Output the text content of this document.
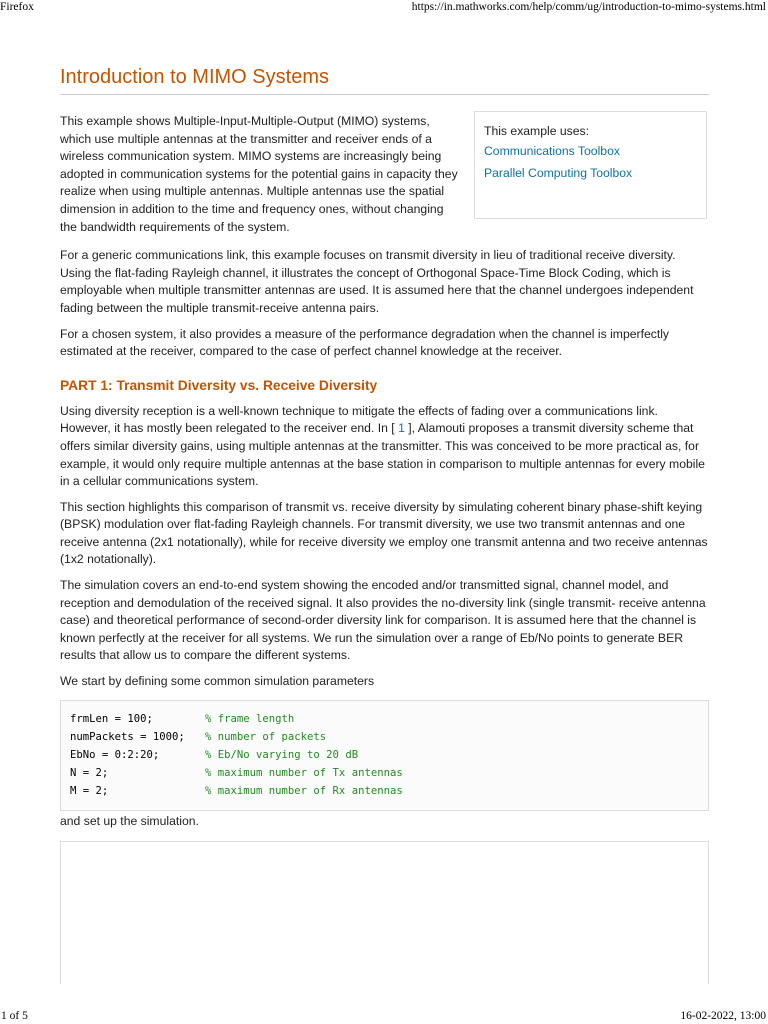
Firefox	https://in.mathworks.com/help/comm/ug/introduction-to-mimo-systems.html
Introduction to MIMO Systems

This example shows Multiple-Input-Multiple-Output (MIMO) systems, which use multiple antennas at the transmitter and receiver ends of a wireless communication system. MIMO systems are increasingly being adopted in communication systems for the potential gains in capacity they realize when using multiple antennas. Multiple antennas use the spatial dimension in addition to the time and frequency ones, without changing the bandwidth requirements of the system.

This example uses:
Communications Toolbox
Parallel Computing Toolbox

For a generic communications link, this example focuses on transmit diversity in lieu of traditional receive diversity. Using the flat-fading Rayleigh channel, it illustrates the concept of Orthogonal Space-Time Block Coding, which is employable when multiple transmitter antennas are used. It is assumed here that the channel undergoes independent fading between the multiple transmit-receive antenna pairs.

For a chosen system, it also provides a measure of the performance degradation when the channel is imperfectly estimated at the receiver, compared to the case of perfect channel knowledge at the receiver.

PART 1: Transmit Diversity vs. Receive Diversity

Using diversity reception is a well-known technique to mitigate the effects of fading over a communications link. However, it has mostly been relegated to the receiver end. In [ 1 ], Alamouti proposes a transmit diversity scheme that offers similar diversity gains, using multiple antennas at the transmitter. This was conceived to be more practical as, for example, it would only require multiple antennas at the base station in comparison to multiple antennas for every mobile in a cellular communications system.

This section highlights this comparison of transmit vs. receive diversity by simulating coherent binary phase-shift keying (BPSK) modulation over flat-fading Rayleigh channels. For transmit diversity, we use two transmit antennas and one receive antenna (2x1 notationally), while for receive diversity we employ one transmit antenna and two receive antennas (1x2 notationally).

The simulation covers an end-to-end system showing the encoded and/or transmitted signal, channel model, and reception and demodulation of the received signal. It also provides the no-diversity link (single transmit- receive antenna case) and theoretical performance of second-order diversity link for comparison. It is assumed here that the channel is known perfectly at the receiver for all systems. We run the simulation over a range of Eb/No points to generate BER results that allow us to compare the different systems.

We start by defining some common simulation parameters

frmLen = 100;	% frame length
numPackets = 1000; % number of packets
EbNo = 0:2:20;	% Eb/No varying to 20 dB
N = 2;	% maximum number of Tx antennas
M = 2;	% maximum number of Rx antennas

and set up the simulation.

1 of 5	16-02-2022, 13:00
